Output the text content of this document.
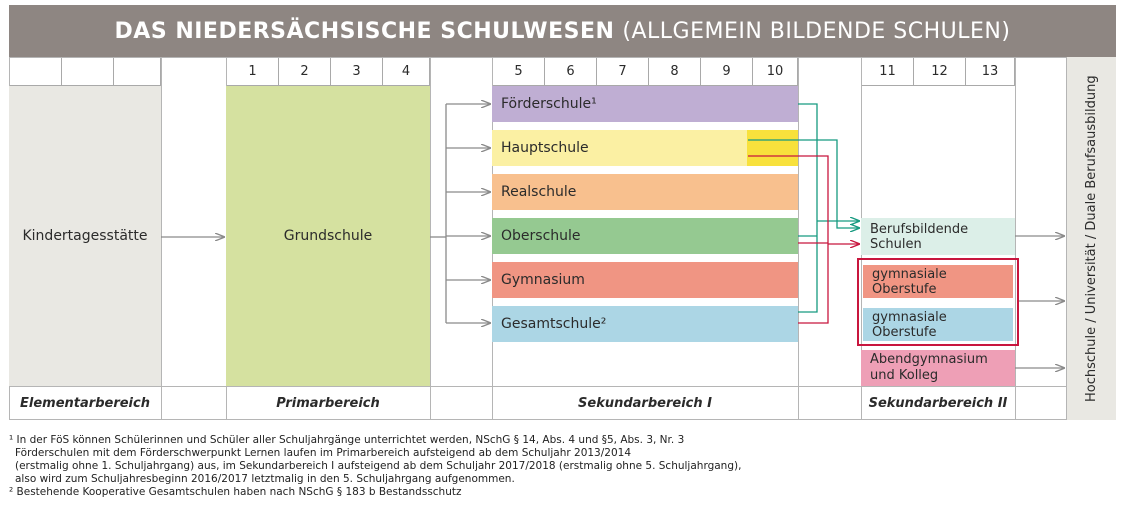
DAS NIEDERSÄCHSISCHE SCHULWESEN (ALLGEMEIN BILDENDE SCHULEN)
1	2	3	4	5	6	7	8	9	10	11	12	13
Kindertagesstätte	Grundschule
Förderschule¹
Hauptschule
Realschule
Oberschule
Gymnasium
Gesamtschule²
Berufsbildende Schulen
gymnasiale Oberstufe
gymnasiale Oberstufe
Abendgymnasium
und Kolleg
Elementarbereich	Primarbereich	Sekundarbereich I	Sekundarbereich II
Hochschule / Universität / Duale Berufsausbildung
¹ In der FöS können Schülerinnen und Schüler aller Schuljahrgänge unterrichtet werden, NSchG § 14, Abs. 4 und §5, Abs. 3, Nr. 3
Förderschulen mit dem Förderschwerpunkt Lernen laufen im Primarbereich aufsteigend ab dem Schuljahr 2013/2014
(erstmalig ohne 1. Schuljahrgang) aus, im Sekundarbereich I aufsteigend ab dem Schuljahr 2017/2018 (erstmalig ohne 5. Schuljahrgang),
also wird zum Schuljahresbeginn 2016/2017 letztmalig in den 5. Schuljahrgang aufgenommen.
² Bestehende Kooperative Gesamtschulen haben nach NSchG § 183 b Bestandsschutz
